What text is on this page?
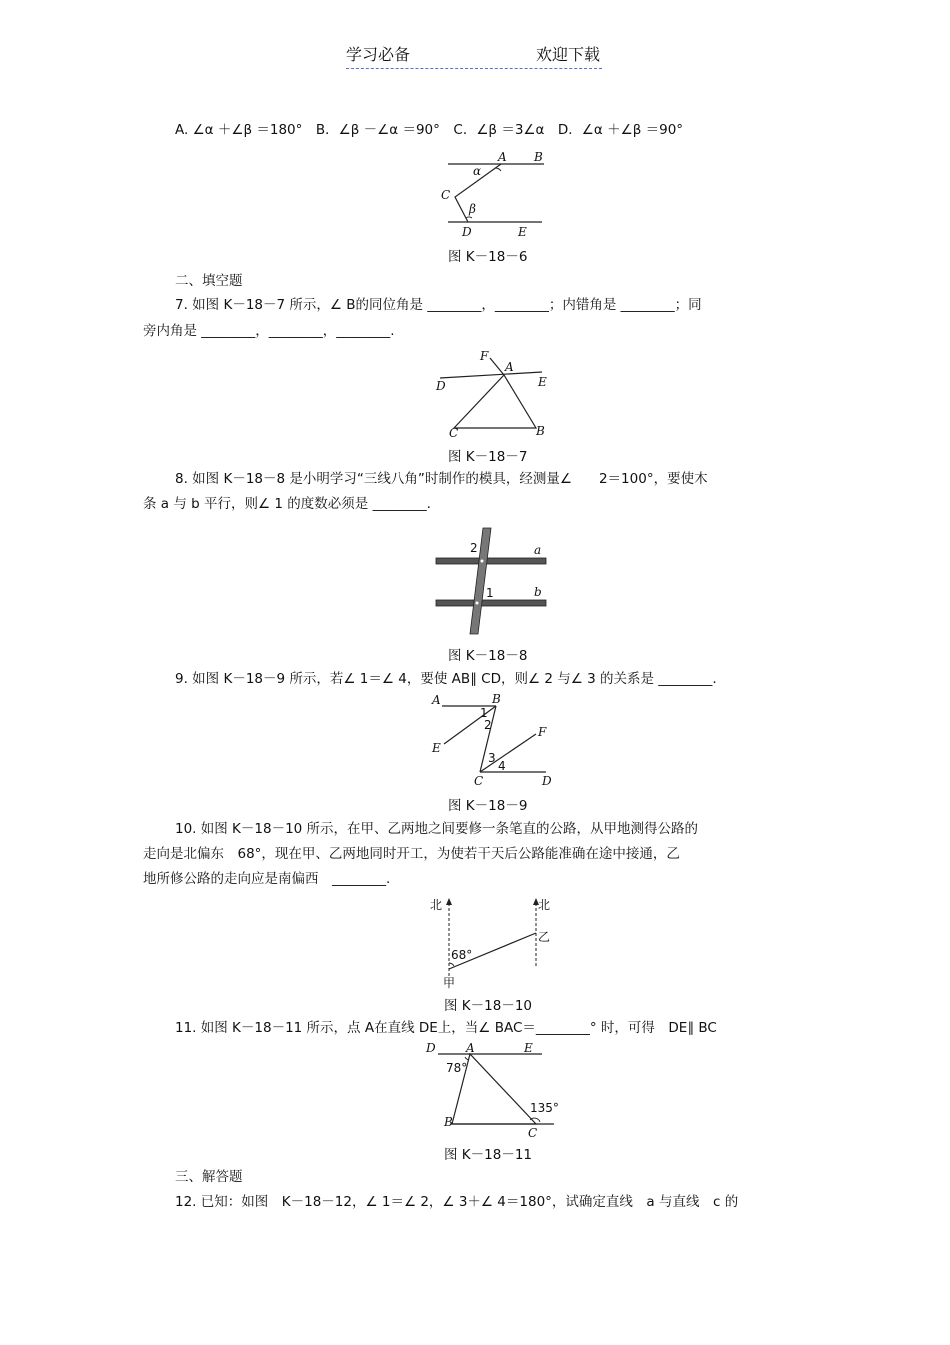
学习必备	欢迎下载
A. ∠α ＋∠β ＝180°　B．∠β －∠α ＝90°　C．∠β ＝3∠α　D．∠α ＋∠β ＝90°
A B
C
D	E
α
β
图 K－18－6
二、填空题
7. 如图 K－18－7 所示，∠ B的同位角是 ________，________；内错角是 ________；同
旁内角是 ________，________，________.
F
A
D	E
C	B
图 K－18－7
8. 如图 K－18－8 是小明学习“三线八角”时制作的模具，经测量∠　　2＝100°，要使木
条 a 与 b 平行，则∠ 1 的度数必须是 ________.
2
1
a
b
图 K－18－8
9. 如图 K－18－9 所示，若∠ 1＝∠ 4，要使 AB∥ CD，则∠ 2 与∠ 3 的关系是 ________.
A	B
E
F
C	D
1
2
3
4
图 K－18－9
10. 如图 K－18－10 所示，在甲、乙两地之间要修一条笔直的公路，从甲地测得公路的
走向是北偏东　68°，现在甲、乙两地同时开工，为使若干天后公路能准确在途中接通，乙
地所修公路的走向应是南偏西　________.
北	北
68°
甲
乙
图 K－18－10
11. 如图 K－18－11 所示，点 A在直线 DE上，当∠ BAC＝________° 时，可得　DE∥ BC
D	A	E
B
C
78°
135°
图 K－18－11
三、解答题
12. 已知：如图　K－18－12，∠ 1＝∠ 2，∠ 3＋∠ 4＝180°，试确定直线　a 与直线　c 的
